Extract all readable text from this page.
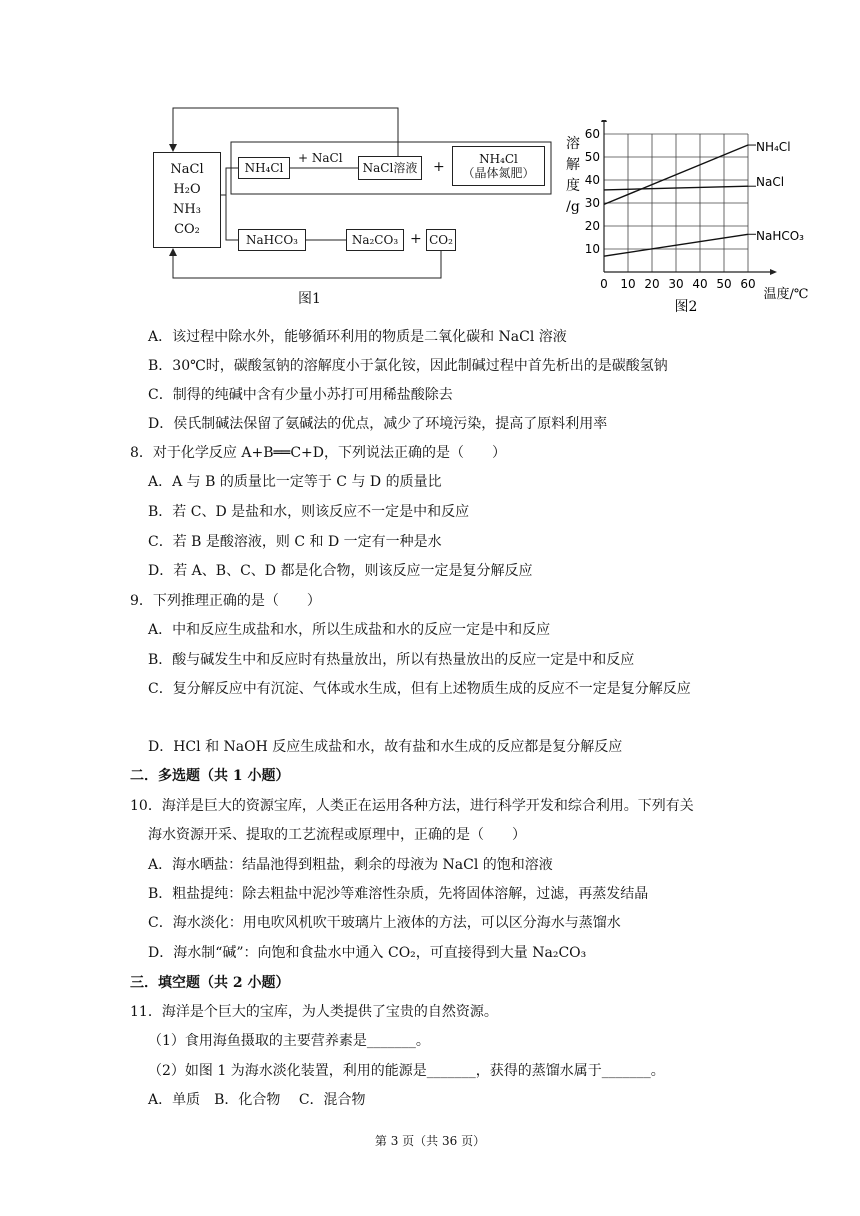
NaCl
H₂O
NH₃
CO₂
NH₄Cl
+ NaCl
NaCl溶液	+	NH₄Cl
（晶体氮肥）
NaHCO₃	Na₂CO₃ + CO₂
图1
0 10 20 30 40 50 60
10
20
30
40
50
60
溶
解
度
/g
温度/℃
图2
NH₄Cl
NaCl
NaHCO₃
A．该过程中除水外，能够循环利用的物质是二氧化碳和 NaCl 溶液
B．30℃时，碳酸氢钠的溶解度小于氯化铵，因此制碱过程中首先析出的是碳酸氢钠
C．制得的纯碱中含有少量小苏打可用稀盐酸除去
D．侯氏制碱法保留了氨碱法的优点，减少了环境污染，提高了原料利用率
8．对于化学反应 A+B══C+D，下列说法正确的是（　　）
A．A 与 B 的质量比一定等于 C 与 D 的质量比
B．若 C、D 是盐和水，则该反应不一定是中和反应
C．若 B 是酸溶液，则 C 和 D 一定有一种是水
D．若 A、B、C、D 都是化合物，则该反应一定是复分解反应
9．下列推理正确的是（　　）
A．中和反应生成盐和水，所以生成盐和水的反应一定是中和反应
B．酸与碱发生中和反应时有热量放出，所以有热量放出的反应一定是中和反应
C．复分解反应中有沉淀、气体或水生成，但有上述物质生成的反应不一定是复分解反应
D．HCl 和 NaOH 反应生成盐和水，故有盐和水生成的反应都是复分解反应
二．多选题（共 1 小题）
10．海洋是巨大的资源宝库，人类正在运用各种方法，进行科学开发和综合利用。下列有关
海水资源开采、提取的工艺流程或原理中，正确的是（　　）
A．海水晒盐：结晶池得到粗盐，剩余的母液为 NaCl 的饱和溶液
B．粗盐提纯：除去粗盐中泥沙等难溶性杂质，先将固体溶解，过滤，再蒸发结晶
C．海水淡化：用电吹风机吹干玻璃片上液体的方法，可以区分海水与蒸馏水
D．海水制“碱”：向饱和食盐水中通入 CO₂，可直接得到大量 Na₂CO₃
三．填空题（共 2 小题）
11．海洋是个巨大的宝库，为人类提供了宝贵的自然资源。
（1）食用海鱼摄取的主要营养素是_______。
（2）如图 1 为海水淡化装置，利用的能源是_______，获得的蒸馏水属于_______。
A．单质　B．化合物　 C．混合物
第 3 页（共 36 页）
